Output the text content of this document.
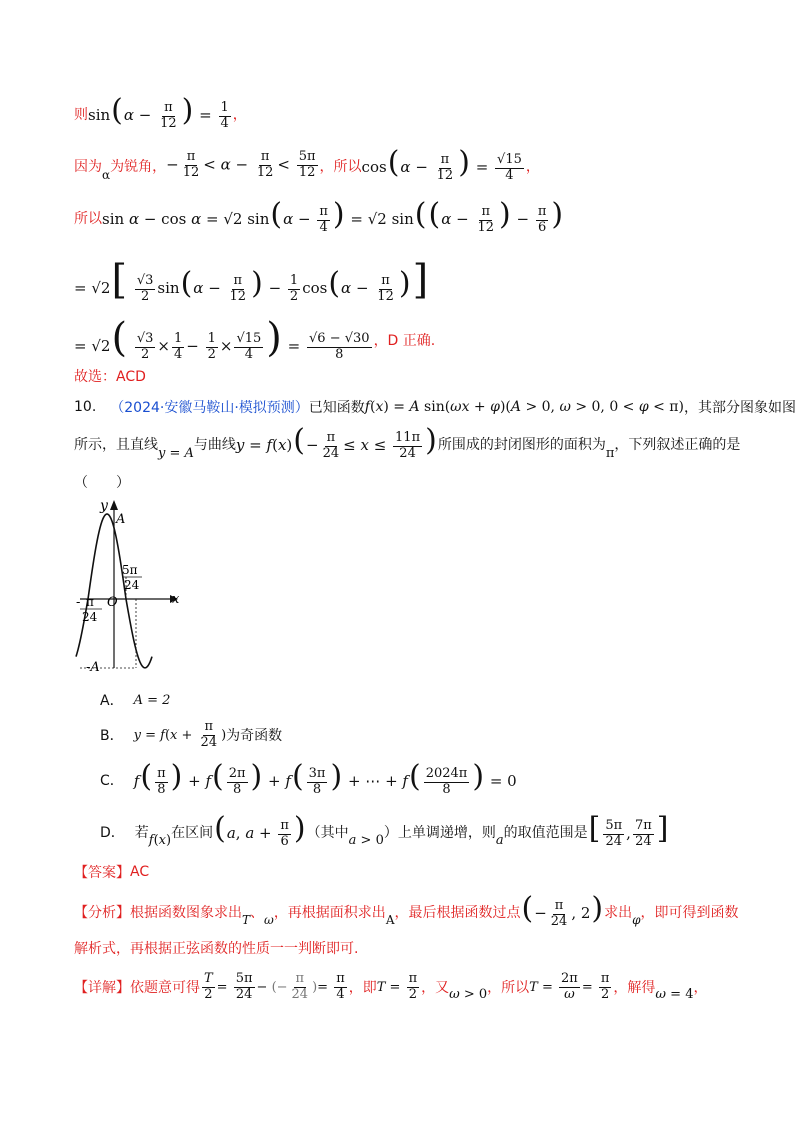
则 $\sin(\alpha - \frac{\pi}{12}$ ) = $\frac{1}{4}$ ，
因为 α 为锐角， − $\frac{\pi}{12} < \alpha - \frac{\pi}{12} < \frac{5\pi}{12}$ ，所以 $\cos(\alpha - \frac{\pi}{12}$ ) = $\frac{√15}{4}$ ，
所以 sin α − cos α = √2 $\sin(\alpha - \frac{\pi}{4}$ ) = √2 $\sin((\alpha - \frac{\pi}{12}$ ) − $\frac{\pi}{6}$ )
= $√2[ \frac{√3}{2} \sin(\alpha - \frac{\pi}{12}$ ) − $\frac{1}{2} \cos(\alpha - \frac{\pi}{12}$ )]
= $√2( \frac{√3}{2} \times \frac{1}{4} - \frac{1}{2} \times \frac{√15}{4}$ ) = $\frac{√6 - √30}{8}$ ，D 正确.
故选：ACD
10. （2024·安徽马鞍山·模拟预测） 已知函数 f(x) = A sin(ωx + φ)(A > 0, ω > 0, 0 < φ < π) ，其部分图象如图
所示，且直线
y = A
与曲线 $y = f(x)(- \frac{\pi}{24} \le x \le \frac{11\pi}{24}$ ) 所围成的封闭图形的面积为
π
，下列叙述正确的是
（　　）
y
A
x
O
-A
- π
24
5π
24
A． A = 2
B． $y = f(x + \frac{\pi}{24}$ ) 为奇函数
C． $f( \frac{\pi}{8}$ ) + $f( \frac{2\pi}{8}$ ) + $f( \frac{3\pi}{8}$ ) + ⋯ + $f( \frac{2024\pi}{8}$ ) = 0
D． 若 f(x) 在区间 (a, $a + \frac{\pi}{6}$ ) （其中 a > 0 ）上单调递增，则 a 的取值范围是 [ $\frac{5\pi}{24}$ , $\frac{7\pi}{24}$ ]
【答案】 AC
【分析】 根据函数图象求出 T 、 ω ，再根据面积求出 A ，最后根据函数过点 (− $\frac{\pi}{24}$ , 2) 求出 φ ，即可得到函数
解析式，再根据正弦函数的性质一一判断即可.
【详解】 依题意可得 $\frac{T}{2} = \frac{5\pi}{24}$ − (− $\frac{\pi}{24}$ )= $\frac{\pi}{4}$ ，即 $T = \frac{\pi}{2}$ ，又 ω > 0 ，所以 $T = \frac{2\pi}{\omega} = \frac{\pi}{2}$ ，解得 ω = 4 ，
